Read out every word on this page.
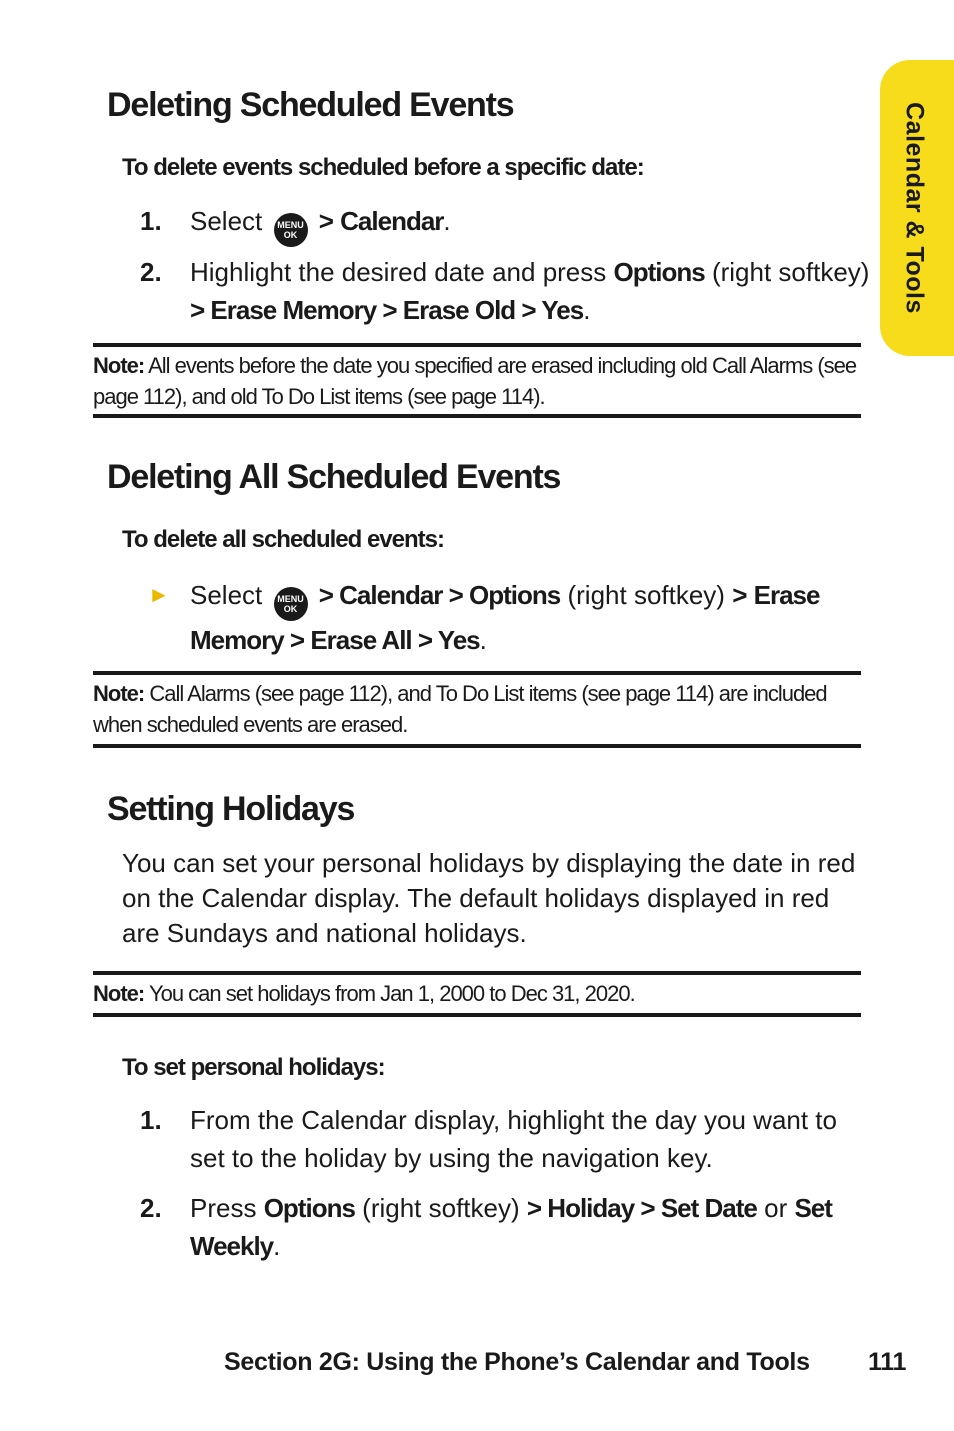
Calendar & Tools
Deleting Scheduled Events
To delete events scheduled before a specific date:
1.	Select MENU
OK > Calendar.
2.	Highlight the desired date and press Options (right softkey) > Erase Memory > Erase Old > Yes.
Note: All events before the date you specified are erased including old Call Alarms (see page 112), and old To Do List items (see page 114).
Deleting All Scheduled Events
To delete all scheduled events:
► Select MENU
OK > Calendar > Options (right softkey) > Erase Memory > Erase All > Yes.
Note: Call Alarms (see page 112), and To Do List items (see page 114) are included when scheduled events are erased.
Setting Holidays
You can set your personal holidays by displaying the date in red on the Calendar display. The default holidays displayed in red are Sundays and national holidays.
Note: You can set holidays from Jan 1, 2000 to Dec 31, 2020.
To set personal holidays:
1.	From the Calendar display, highlight the day you want to set to the holiday by using the navigation key.
2.	Press Options (right softkey) > Holiday > Set Date or Set Weekly.
Section 2G: Using the Phone’s Calendar and Tools 111
